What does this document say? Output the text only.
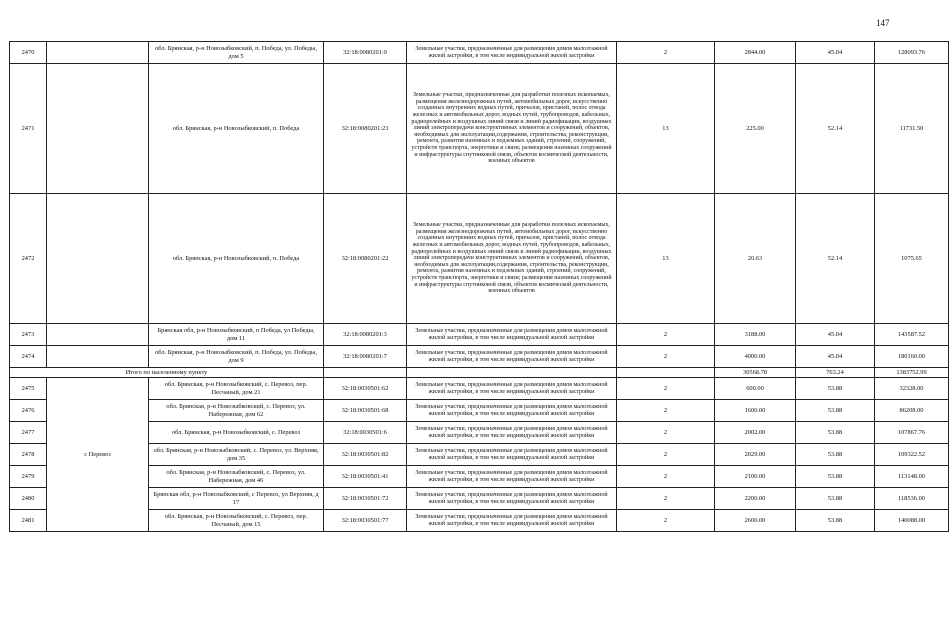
147
2470		обл. Брянская, р-н Новозыбковский, п. Победа, ул. Победы, дом 5	32:18:0080201:9	Земельные участки, предназначенные для размещения домов малоэтажной жилой застройки, в том числе индивидуальной жилой застройки	2	2844.00	45.04	128093.76
2471		обл. Брянская, р-н Новозыбковский, п. Победа	32:18:0080201:23	Земельные участки, предназначенные для разработки полезных ископаемых, размещения железнодорожных путей, автомобильных дорог, искусственно созданных внутренних водных путей, причалов, пристаней, полос отвода железных и автомобильных дорог, водных путей, трубопроводов, кабельных, радиорелейных и воздушных линий связи и линий радиофикации, воздушных линий электропередачи конструктивных элементов и сооружений, объектов, необходимых для эксплуатации,содержания, строительства, реконструкции, ремонта, развития наземных и подземных зданий, строений, сооружений, устройств транспорта, энергетики и связи; размещения наземных сооружений и инфраструктуры спутниковой связи, объектов космической деятельности, военных объектов	13	225.00	52.14	11731.50
2472		обл. Брянская, р-н Новозыбковский, п. Победа	32:18:0080201:22	Земельные участки, предназначенные для разработки полезных ископаемых, размещения железнодорожных путей, автомобильных дорог, искусственно созданных внутренних водных путей, причалов, пристаней, полос отвода железных и автомобильных дорог, водных путей, трубопроводов, кабельных, радиорелейных и воздушных линий связи и линий радиофикации, воздушных линий электропередачи конструктивных элементов и сооружений, объектов, необходимых для эксплуатации,содержания, строительства, реконструкции, ремонта, развития наземных и подземных зданий, строений, сооружений, устройств транспорта, энергетики и связи; размещения наземных сооружений и инфраструктуры спутниковой связи, объектов космической деятельности, военных объектов	13	20.63	52.14	1075.65
2473		Брянская обл, р-н Новозыбковский, п Победа, ул Победы, дом 11	32:18:0080201:3	Земельные участки, предназначенные для размещения домов малоэтажной жилой застройки, в том числе индивидуальной жилой застройки	2	3188.00	45.04	143587.52
2474		обл. Брянская, р-н Новозыбковский, п. Победа, ул. Победы, дом 9	32:18:0080201:7	Земельные участки, предназначенные для размещения домов малоэтажной жилой застройки, в том числе индивидуальной жилой застройки	2	4000.00	45.04	180160.00
Итого по населенному пункту						30568.78	763.24	1383752.99
2475	с Перевоз	обл. Брянская, р-н Новозыбковский, с. Перевоз, пер. Песчаный, дом 21	32:18:0030501:62	Земельные участки, предназначенные для размещения домов малоэтажной жилой застройки, в том числе индивидуальной жилой застройки	2	600.00	53.88	32328.00
2476		обл. Брянская, р-н Новозыбковский, с. Перевоз, ул. Набережная, дом 62	32:18:0030501:68	Земельные участки, предназначенные для размещения домов малоэтажной жилой застройки, в том числе индивидуальной жилой застройки	2	1600.00	53.88	86208.00
2477		обл. Брянская, р-н Новозыбковский, с. Перевоз	32:18:0030501:6	Земельные участки, предназначенные для размещения домов малоэтажной жилой застройки, в том числе индивидуальной жилой застройки	2	2002.00	53.88	107867.76
2478		обл. Брянская, р-н Новозыбковский, с. Перевоз, ул. Верхняя, дом 35	32:18:0030501:82	Земельные участки, предназначенные для размещения домов малоэтажной жилой застройки, в том числе индивидуальной жилой застройки	2	2029.00	53.88	109322.52
2479		обл. Брянская, р-н Новозыбковский, с. Перевоз, ул. Набережная, дом 46	32:18:0030501:41	Земельные участки, предназначенные для размещения домов малоэтажной жилой застройки, в том числе индивидуальной жилой застройки	2	2100.00	53.88	113148.00
2480		Брянская обл, р-н Новозыбковский, с Перевоз, ул Верхняя, д 17	32:18:0030501:72	Земельные участки, предназначенные для размещения домов малоэтажной жилой застройки, в том числе индивидуальной жилой застройки	2	2200.00	53.88	118536.00
2481		обл. Брянская, р-н Новозыбковский, с. Перевоз, пер. Песчаный, дом 15	32:18:0030501:77	Земельные участки, предназначенные для размещения домов малоэтажной жилой застройки, в том числе индивидуальной жилой застройки	2	2600.00	53.88	140088.00
